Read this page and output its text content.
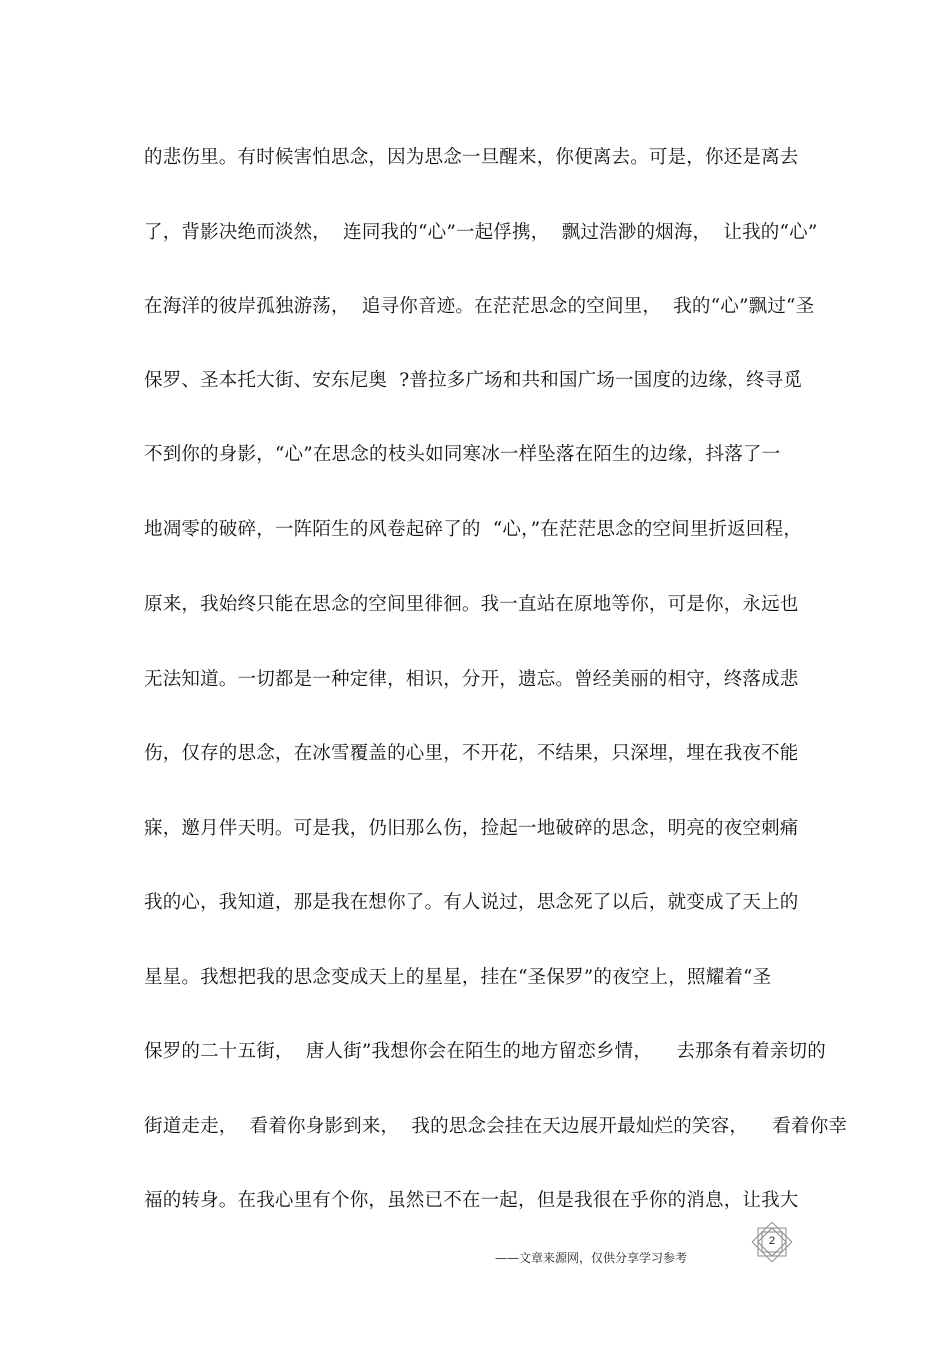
的悲伤里。有时候害怕思念，因为思念一旦醒来，你便离去。可是，你还是离去
了，背影决绝而淡然，  连同我的“心”一起俘携，  飘过浩渺的烟海，  让我的“心”
在海洋的彼岸孤独游荡，  追寻你音迹。在茫茫思念的空间里，  我的“心”飘过“圣
保罗、圣本托大街、安东尼奥  ?普拉多广场和共和国广场一国度的边缘，终寻觅
不到你的身影，“心”在思念的枝头如同寒冰一样坠落在陌生的边缘，抖落了一
地凋零的破碎，一阵陌生的风卷起碎了的  “心，”在茫茫思念的空间里折返回程，
原来，我始终只能在思念的空间里徘徊。我一直站在原地等你，可是你，永远也
无法知道。一切都是一种定律，相识，分开，遗忘。曾经美丽的相守，终落成悲
伤，仅存的思念，在冰雪覆盖的心里，不开花，不结果，只深埋，埋在我夜不能
寐，邀月伴天明。可是我，仍旧那么伤，捡起一地破碎的思念，明亮的夜空刺痛
我的心，我知道，那是我在想你了。有人说过，思念死了以后，就变成了天上的
星星。我想把我的思念变成天上的星星，挂在“圣保罗”的夜空上，照耀着“圣
保罗的二十五街，  唐人街”我想你会在陌生的地方留恋乡情，    去那条有着亲切的
街道走走，  看着你身影到来，  我的思念会挂在天边展开最灿烂的笑容，    看着你幸
福的转身。在我心里有个你，虽然已不在一起，但是我很在乎你的消息，让我大
2
——文章来源网，仅供分享学习参考
